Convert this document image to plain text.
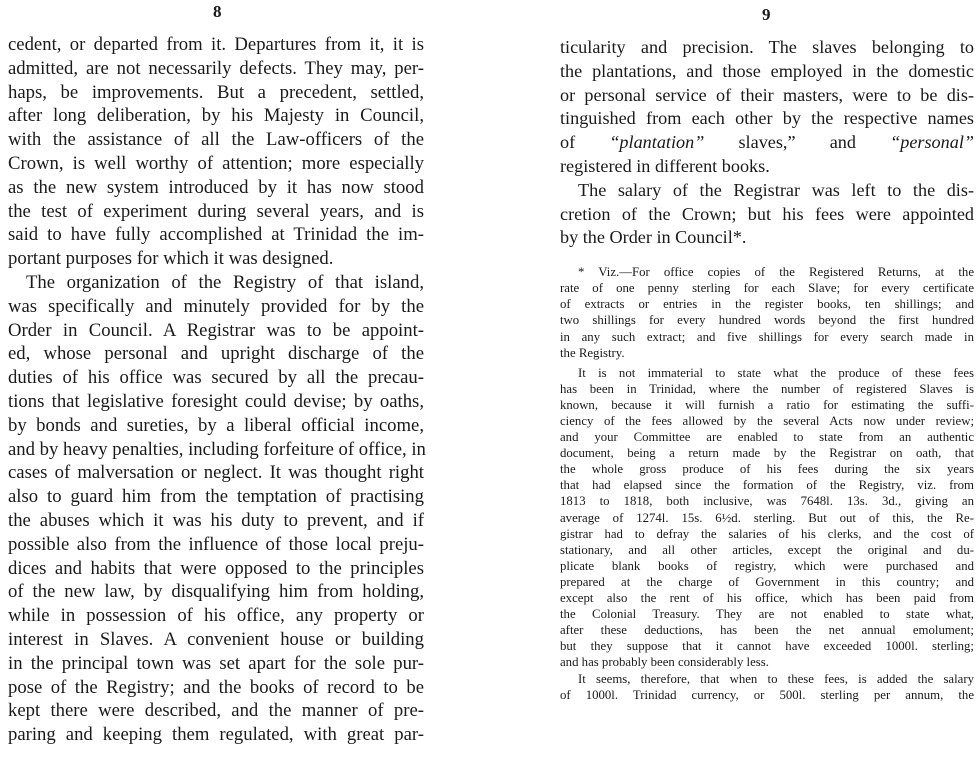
8
cedent, or departed from it. Departures from it, it is
admitted, are not necessarily defects. They may, per-
haps, be improvements. But a precedent, settled,
after long deliberation, by his Majesty in Council,
with the assistance of all the Law-officers of the
Crown, is well worthy of attention; more especially
as the new system introduced by it has now stood
the test of experiment during several years, and is
said to have fully accomplished at Trinidad the im-
portant purposes for which it was designed.
The organization of the Registry of that island,
was specifically and minutely provided for by the
Order in Council. A Registrar was to be appoint-
ed, whose personal and upright discharge of the
duties of his office was secured by all the precau-
tions that legislative foresight could devise; by oaths,
by bonds and sureties, by a liberal official income,
and by heavy penalties, including forfeiture of office, in
cases of malversation or neglect. It was thought right
also to guard him from the temptation of practising
the abuses which it was his duty to prevent, and if
possible also from the influence of those local preju-
dices and habits that were opposed to the principles
of the new law, by disqualifying him from holding,
while in possession of his office, any property or
interest in Slaves. A convenient house or building
in the principal town was set apart for the sole pur-
pose of the Registry; and the books of record to be
kept there were described, and the manner of pre-
paring and keeping them regulated, with great par-
9
ticularity and precision. The slaves belonging to
the plantations, and those employed in the domestic
or personal service of their masters, were to be dis-
tinguished from each other by the respective names
of “plantation” slaves,” and “personal”
registered in different books.
The salary of the Registrar was left to the dis-
cretion of the Crown; but his fees were appointed
by the Order in Council*.
* Viz.—For office copies of the Registered Returns, at the
rate of one penny sterling for each Slave; for every certificate
of extracts or entries in the register books, ten shillings; and
two shillings for every hundred words beyond the first hundred
in any such extract; and five shillings for every search made in
the Registry.
It is not immaterial to state what the produce of these fees
has been in Trinidad, where the number of registered Slaves is
known, because it will furnish a ratio for estimating the suffi-
ciency of the fees allowed by the several Acts now under review;
and your Committee are enabled to state from an authentic
document, being a return made by the Registrar on oath, that
the whole gross produce of his fees during the six years
that had elapsed since the formation of the Registry, viz. from
1813 to 1818, both inclusive, was 7648l. 13s. 3d., giving an
average of 1274l. 15s. 6½d. sterling. But out of this, the Re-
gistrar had to defray the salaries of his clerks, and the cost of
stationary, and all other articles, except the original and du-
plicate blank books of registry, which were purchased and
prepared at the charge of Government in this country; and
except also the rent of his office, which has been paid from
the Colonial Treasury. They are not enabled to state what,
after these deductions, has been the net annual emolument;
but they suppose that it cannot have exceeded 1000l. sterling;
and has probably been considerably less.
It seems, therefore, that when to these fees, is added the salary
of 1000l. Trinidad currency, or 500l. sterling per annum, the
